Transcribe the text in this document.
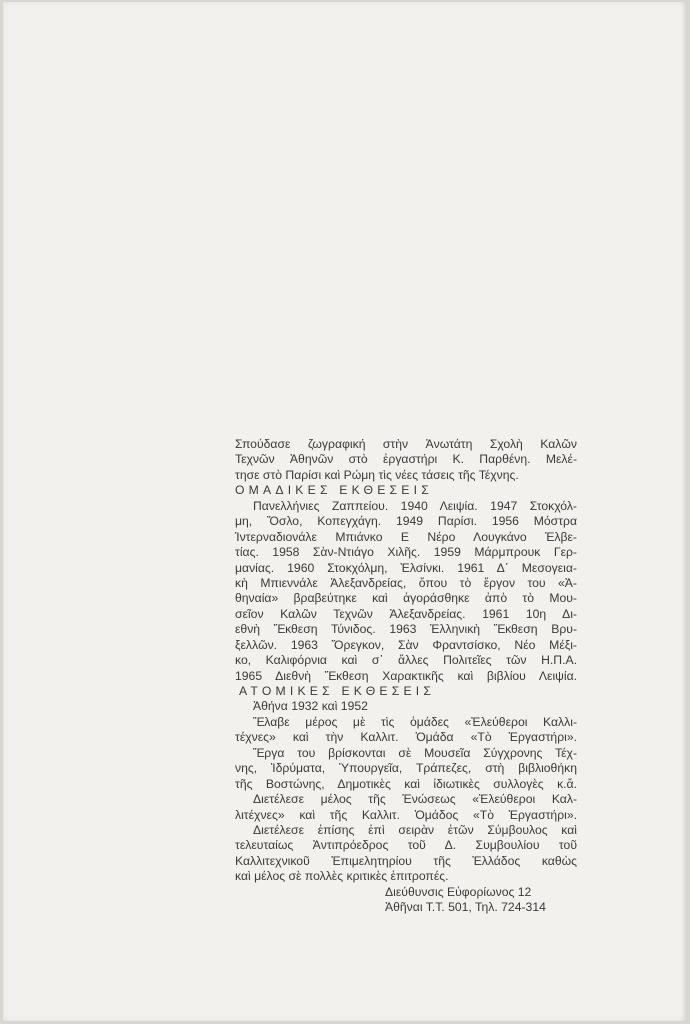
Σπούδασε ζωγραφική στὴν Ἀνωτάτη Σχολὴ Καλῶν
Τεχνῶν Ἀθηνῶν στὸ ἐργαστήρι Κ. Παρθένη. Μελέ-
τησε στὸ Παρίσι καὶ Ρώμη τὶς νέες τάσεις τῆς Τέχνης.
ΟΜΑΔΙΚΕΣ ΕΚΘΕΣΕΙΣ
Πανελλήνιες Ζαππείου. 1940 Λειψία. 1947 Στοκχόλ-
μη, Ὄσλο, Κοπεγχάγη. 1949 Παρίσι. 1956 Μόστρα
Ἰντερναδιονάλε Μπιάνκο Ε Νέρο Λουγκάνο Ἐλβε-
τίας. 1958 Σὰν-Ντιάγο Χιλῆς. 1959 Μάρμπρουκ Γερ-
μανίας. 1960 Στοκχόλμη, Ἐλσίνκι. 1961 Δ΄ Μεσογεια-
κὴ Μπιεννάλε Ἀλεξανδρείας, ὅπου τὸ ἔργον του «Ἀ-
θηναία» βραβεύτηκε καὶ ἀγοράσθηκε ἀπὸ τὸ Μου-
σεῖον Καλῶν Τεχνῶν Ἀλεξανδρείας. 1961 10η Δι-
εθνὴ Ἔκθεση Τύνιδος. 1963 Ἑλληνικὴ Ἔκθεση Βρυ-
ξελλῶν. 1963 Ὄρεγκον, Σὰν Φραντσίσκο, Νέο Μέξι-
κο, Καλιφόρνια καὶ σ᾽ ἄλλες Πολιτεῖες τῶν Η.Π.Α.
1965 Διεθνὴ Ἔκθεση Χαρακτικῆς καὶ βιβλίου Λειψία.
ΑΤΟΜΙΚΕΣ ΕΚΘΕΣΕΙΣ
Ἀθήνα 1932 καὶ 1952
Ἔλαβε μέρος μὲ τὶς ὁμάδες «Ἐλεύθεροι Καλλι-
τέχνες» καὶ τὴν Καλλιτ. Ὁμάδα «Τὸ Ἐργαστήρι».
Ἔργα του βρίσκονται σὲ Μουσεῖα Σύγχρονης Τέχ-
νης, Ἱδρύματα, Ὑπουργεῖα, Τράπεζες, στὴ βιβλιοθήκη
τῆς Βοστώνης, Δημοτικὲς καὶ ἰδιωτικὲς συλλογὲς κ.ἄ.
Διετέλεσε μέλος τῆς Ἑνώσεως «Ἐλεύθεροι Καλ-
λιτέχνες» καὶ τῆς Καλλιτ. Ὁμάδος «Τὸ Ἐργαστήρι».
Διετέλεσε ἐπίσης ἐπὶ σειρὰν ἐτῶν Σύμβουλος καὶ
τελευταίως Ἀντιπρόεδρος τοῦ Δ. Συμβουλίου τοῦ
Καλλιτεχνικοῦ Ἐπιμελητηρίου τῆς Ἑλλάδος καθὼς
καὶ μέλος σὲ πολλὲς κριτικὲς ἐπιτροπές.
Διεύθυνσις Εὐφορίωνος 12
Ἀθῆναι Τ.Τ. 501, Τηλ. 724-314
